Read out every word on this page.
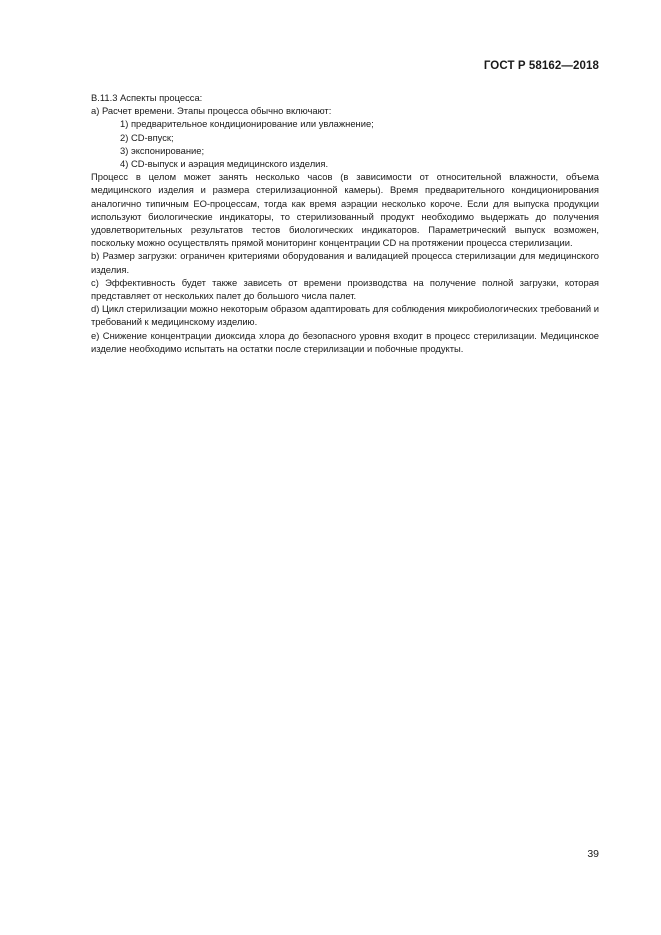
ГОСТ Р 58162—2018

В.11.3 Аспекты процесса:

а) Расчет времени. Этапы процесса обычно включают:

1) предварительное кондиционирование или увлажнение;

2) CD-впуск;

3) экспонирование;

4) CD-выпуск и аэрация медицинского изделия.

Процесс в целом может занять несколько часов (в зависимости от относительной влажности, объема медицинского изделия и размера стерилизационной камеры). Время предварительного кондиционирования аналогично типичным ЕО-процессам, тогда как время аэрации несколько короче. Если для выпуска продукции используют биологические индикаторы, то стерилизованный продукт необходимо выдержать до получения удовлетворительных результатов тестов биологических индикаторов. Параметрический выпуск возможен, поскольку можно осуществлять прямой мониторинг концентрации CD на протяжении процесса стерилизации.

b) Размер загрузки: ограничен критериями оборудования и валидацией процесса стерилизации для медицинского изделия.

c) Эффективность будет также зависеть от времени производства на получение полной загрузки, которая представляет от нескольких палет до большого числа палет.

d) Цикл стерилизации можно некоторым образом адаптировать для соблюдения микробиологических требований и требований к медицинскому изделию.

e) Снижение концентрации диоксида хлора до безопасного уровня входит в процесс стерилизации. Медицинское изделие необходимо испытать на остатки после стерилизации и побочные продукты.

39
